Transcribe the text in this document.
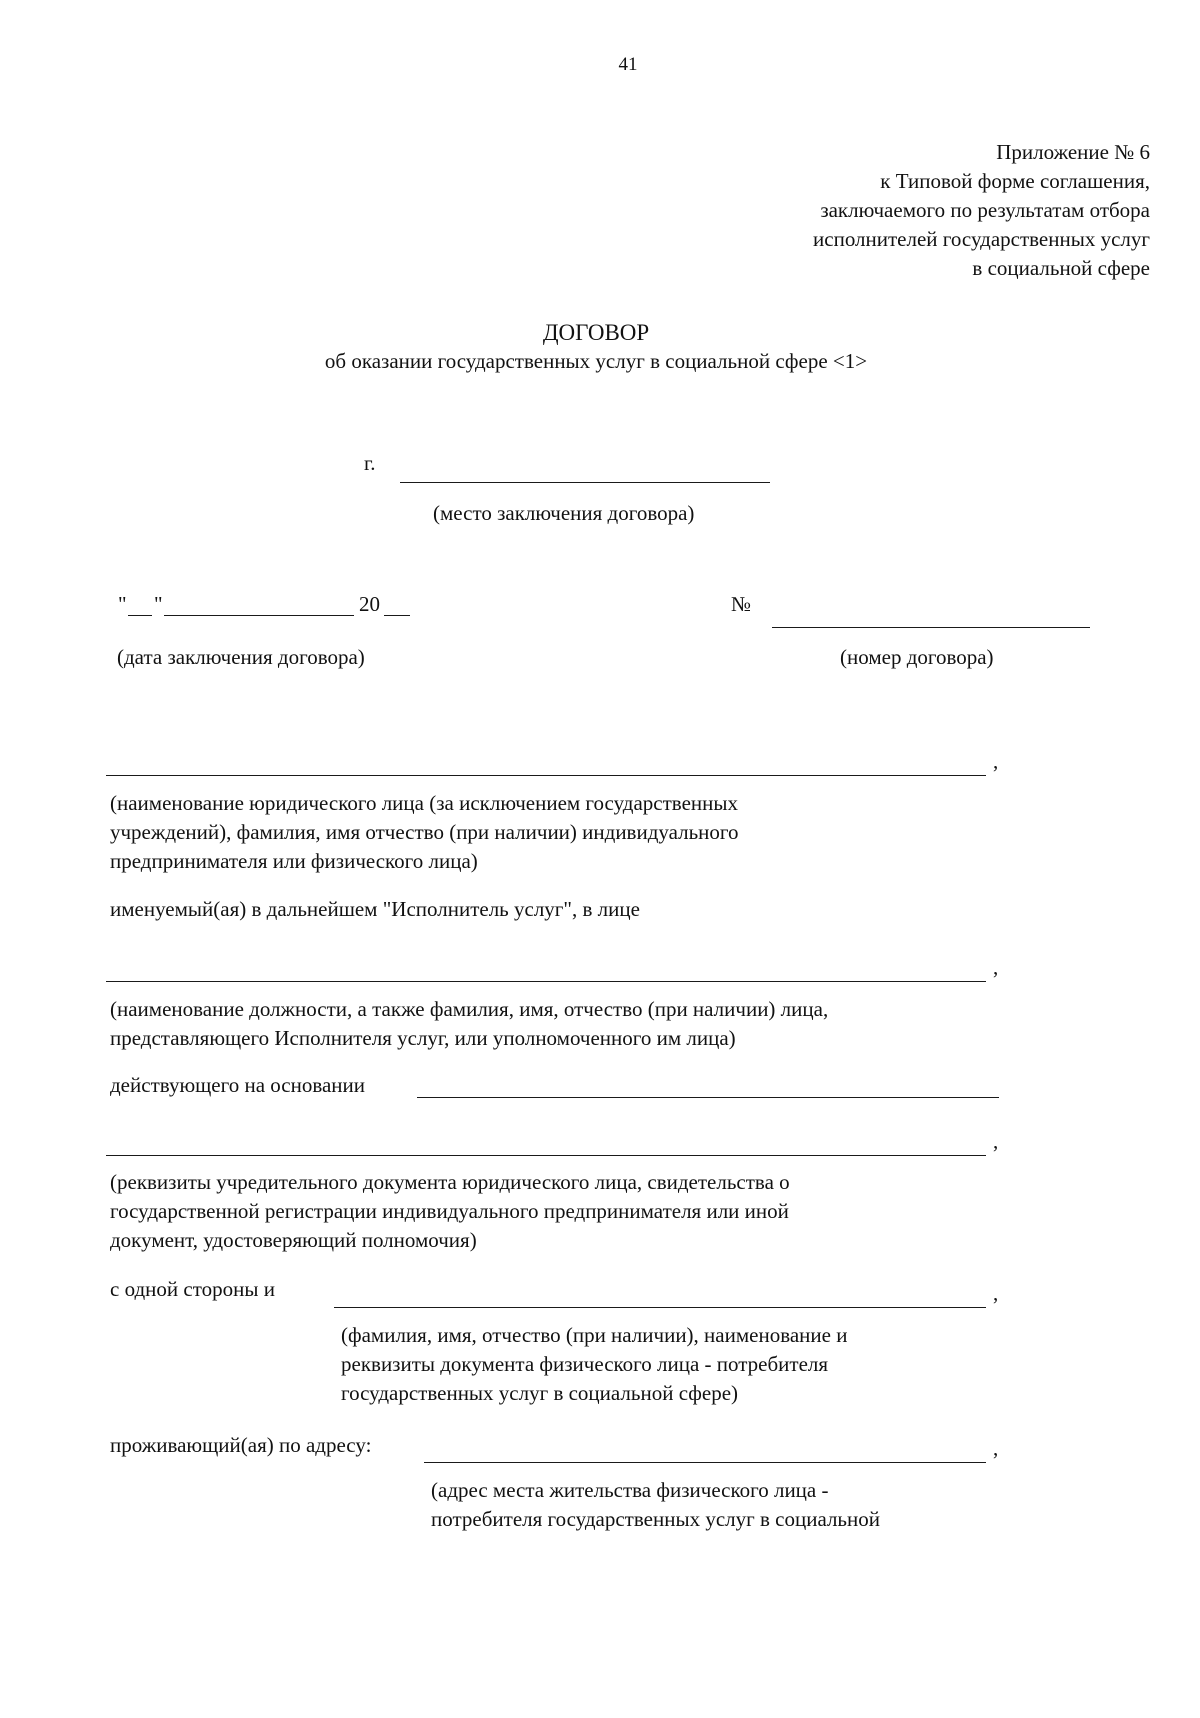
41
Приложение № 6
к Типовой форме соглашения,
заключаемого по результатам отбора
исполнителей государственных услуг
в социальной сфере
ДОГОВОР
об оказании государственных услуг в социальной сфере <1>
г.
(место заключения договора)
" "	20
(дата заключения договора)
№
(номер договора)
,
(наименование юридического лица (за исключением государственных
учреждений), фамилия, имя отчество (при наличии) индивидуального
предпринимателя или физического лица)
именуемый(ая) в дальнейшем "Исполнитель услуг", в лице
,
(наименование должности, а также фамилия, имя, отчество (при наличии) лица,
представляющего Исполнителя услуг, или уполномоченного им лица)
действующего на основании
,
(реквизиты учредительного документа юридического лица, свидетельства о
государственной регистрации индивидуального предпринимателя или иной
документ, удостоверяющий полномочия)
с одной стороны и	,
(фамилия, имя, отчество (при наличии), наименование и
реквизиты документа физического лица - потребителя
государственных услуг в социальной сфере)
проживающий(ая) по адресу:	,
(адрес места жительства физического лица -
потребителя государственных услуг в социальной
